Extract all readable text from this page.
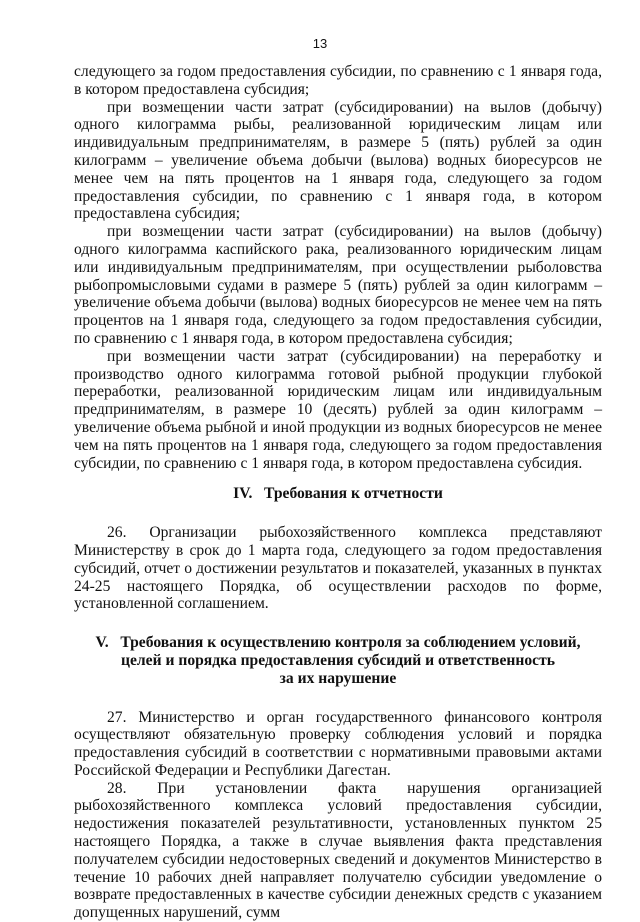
13

следующего за годом предоставления субсидии, по сравнению с 1 января года, в котором предоставлена субсидия;

при возмещении части затрат (субсидировании) на вылов (добычу) одного килограмма рыбы, реализованной юридическим лицам или индивидуальным предпринимателям, в размере 5 (пять) рублей за один килограмм – увеличение объема добычи (вылова) водных биоресурсов не менее чем на пять процентов на 1 января года, следующего за годом предоставления субсидии, по сравнению с 1 января года, в котором предоставлена субсидия;

при возмещении части затрат (субсидировании) на вылов (добычу) одного килограмма каспийского рака, реализованного юридическим лицам или индивидуальным предпринимателям, при осуществлении рыболовства рыбопромысловыми судами в размере 5 (пять) рублей за один килограмм – увеличение объема добычи (вылова) водных биоресурсов не менее чем на пять процентов на 1 января года, следующего за годом предоставления субсидии, по сравнению с 1 января года, в котором предоставлена субсидия;

при возмещении части затрат (субсидировании) на переработку и производство одного килограмма готовой рыбной продукции глубокой переработки, реализованной юридическим лицам или индивидуальным предпринимателям, в размере 10 (десять) рублей за один килограмм – увеличение объема рыбной и иной продукции из водных биоресурсов не менее чем на пять процентов на 1 января года, следующего за годом предоставления субсидии, по сравнению с 1 января года, в котором предоставлена субсидия.

IV.   Требования к отчетности

26. Организации рыбохозяйственного комплекса представляют Министерству в срок до 1 марта года, следующего за годом предоставления субсидий, отчет о достижении результатов и показателей, указанных в пунктах 24-25 настоящего Порядка, об осуществлении расходов по форме, установленной соглашением.

V.   Требования к осуществлению контроля за соблюдением условий,

целей и порядка предоставления субсидий и ответственность

за их нарушение

27. Министерство и орган государственного финансового контроля осуществляют обязательную проверку соблюдения условий и порядка предоставления субсидий в соответствии с нормативными правовыми актами Российской Федерации и Республики Дагестан.

28. При установлении факта нарушения организацией рыбохозяйственного комплекса условий предоставления субсидии, недостижения показателей результативности, установленных пунктом 25 настоящего Порядка, а также в случае выявления факта представления получателем субсидии недостоверных сведений и документов Министерство в течение 10 рабочих дней направляет получателю субсидии уведомление о возврате предоставленных в качестве субсидии денежных средств с указанием допущенных нарушений, сумм
